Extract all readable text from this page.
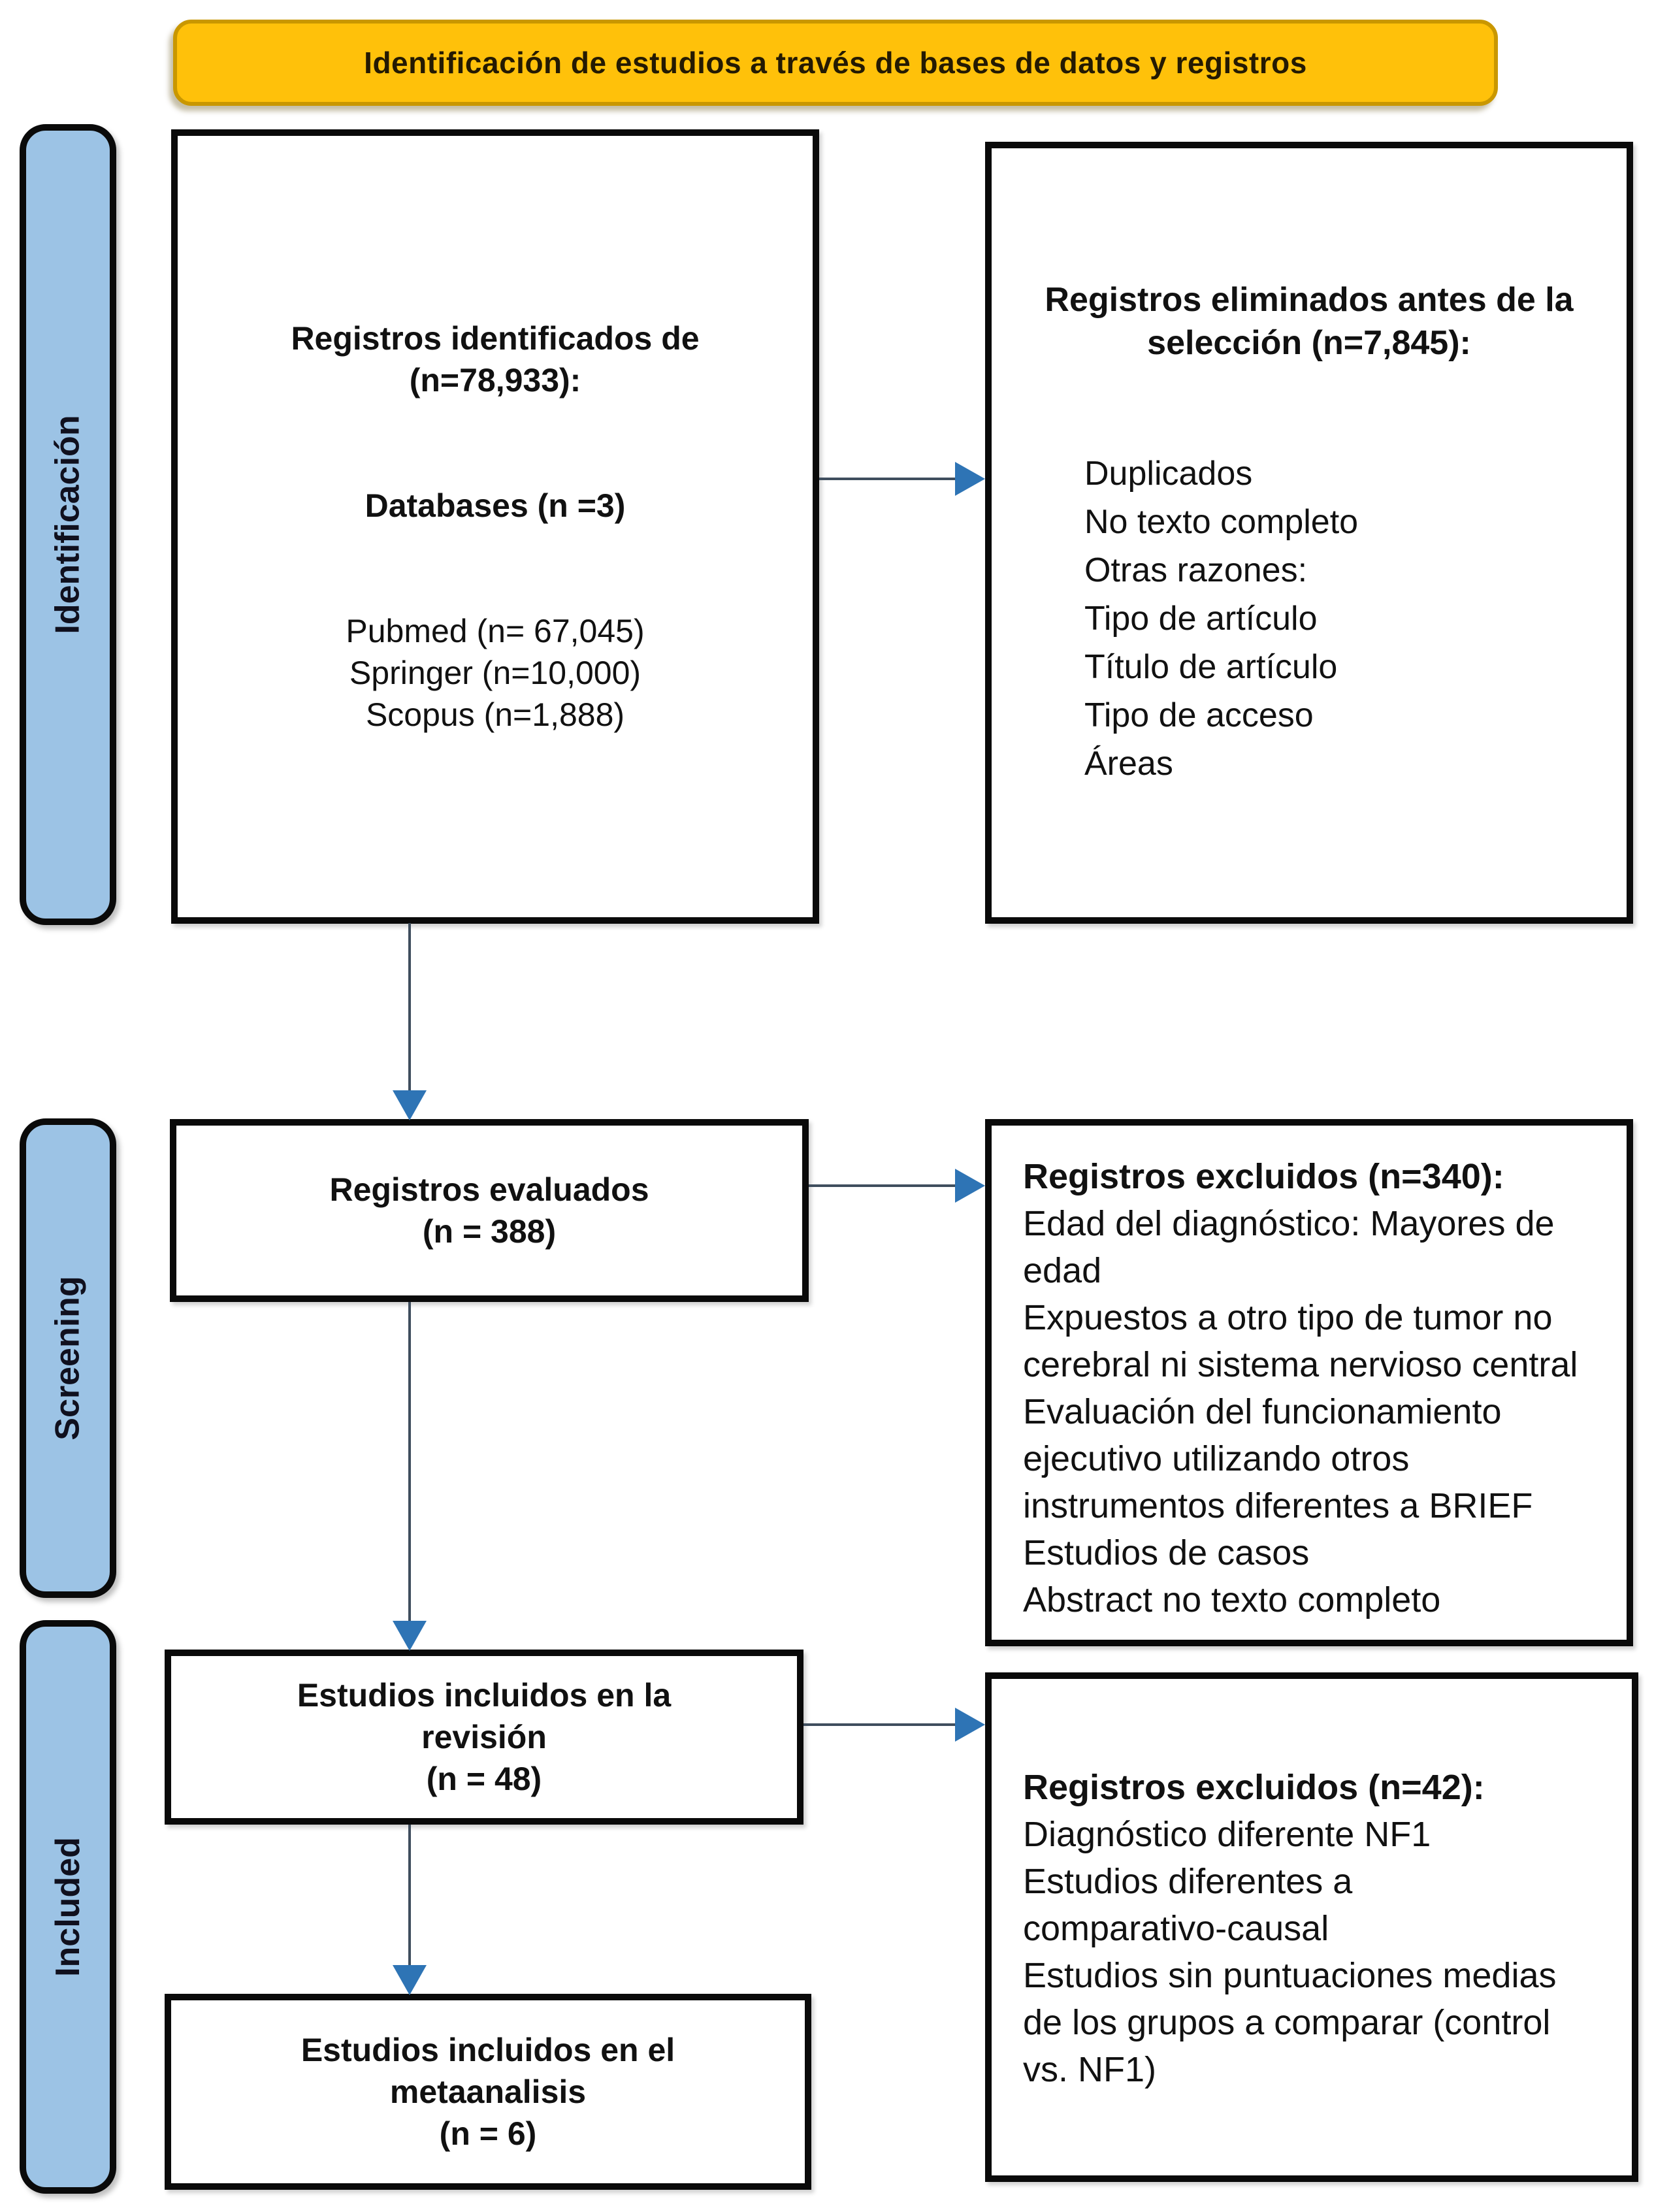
Identificación de estudios a través de bases de datos y registros
Identificación
Screening
Included
Registros identificados de
(n=78,933):
Databases (n =3)
Pubmed (n= 67,045)
Springer (n=10,000)
Scopus (n=1,888)
Registros eliminados antes de la selección (n=7,845):
Duplicados
No texto completo
Otras razones:
Tipo de artículo
Título de artículo
Tipo de acceso
Áreas
Registros evaluados
(n = 388)
Registros excluidos (n=340):
Edad del diagnóstico: Mayores de edad
Expuestos a otro tipo de tumor no cerebral ni sistema nervioso central
Evaluación del funcionamiento ejecutivo utilizando otros instrumentos diferentes a BRIEF
Estudios de casos
Abstract no texto completo
Estudios incluidos en la revisión
(n = 48)	Registros excluidos (n=42):
Diagnóstico diferente NF1
Estudios diferentes a comparativo-causal
Estudios sin puntuaciones medias de los grupos a comparar (control vs. NF1)
Estudios incluidos en el metaanalisis
(n = 6)
